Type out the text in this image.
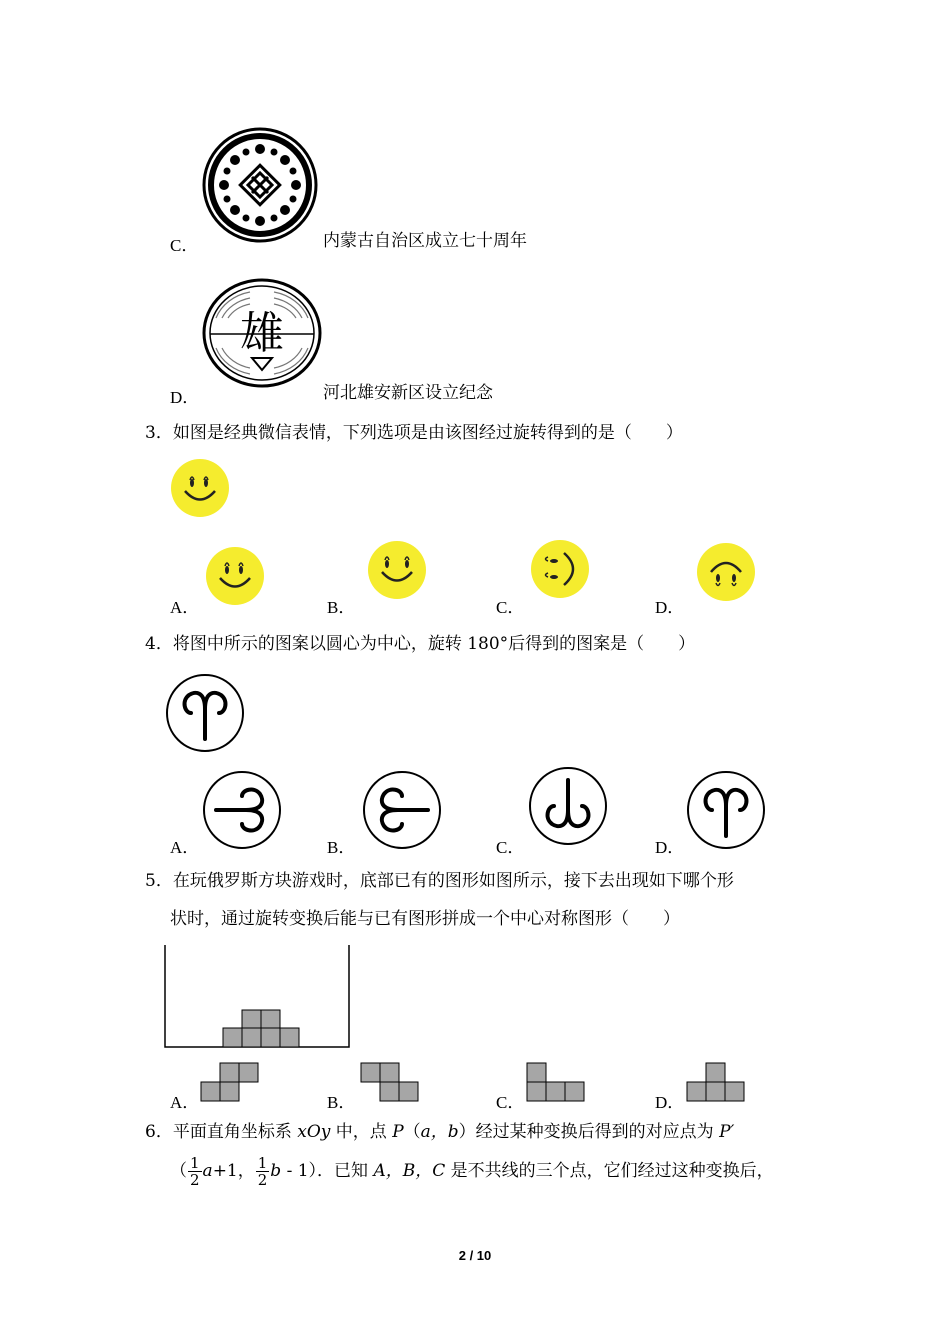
C．	内蒙古自治区成立七十周年
雄
D．	河北雄安新区设立纪念
3．如图是经典微信表情，下列选项是由该图经过旋转得到的是（　　）
A．	B．	C．	D．
4．将图中所示的图案以圆心为中心，旋转 180°后得到的图案是（　　）
A．	B．	C．	D．
5．在玩俄罗斯方块游戏时，底部已有的图形如图所示，接下去出现如下哪个形
状时，通过旋转变换后能与已有图形拼成一个中心对称图形（　　）
A．	B．	C．	D．
6．平面直角坐标系 xOy 中，点 P（a，b）经过某种变换后得到的对应点为 P′
（ $\frac{1}{2} a+1$， $\frac{1}{2}$ b - 1）．已知 A，B，C 是不共线的三个点，它们经过这种变换后，
2 / 10
